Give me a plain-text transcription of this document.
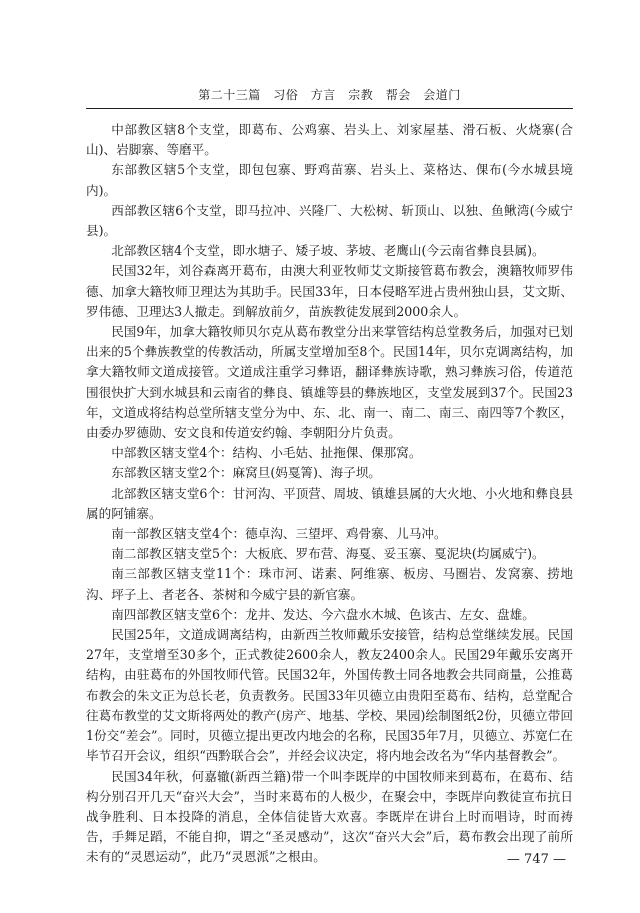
第二十三篇　习俗　方言　宗教　帮会　会道门

中部教区辖8个支堂，即葛布、公鸡寨、岩头上、刘家屋基、滑石板、火烧寨(合山)、岩脚寨、等磨平。

东部教区辖5个支堂，即包包寨、野鸡苗寨、岩头上、菜格达、倮布(今水城县境内)。

西部教区辖6个支堂，即马拉冲、兴隆厂、大松树、斩顶山、以独、鱼鳅湾(今威宁县)。

北部教区辖4个支堂，即水塘子、矮子坡、茅坡、老鹰山(今云南省彝良县属)。

民国32年，刘谷森离开葛布，由澳大利亚牧师艾文斯接管葛布教会，澳籍牧师罗伟德、加拿大籍牧师卫理达为其助手。民国33年，日本侵略军进占贵州独山县，艾文斯、罗伟德、卫理达3人撤走。到解放前夕，苗族教徒发展到2000余人。

民国9年，加拿大籍牧师贝尔克从葛布教堂分出来掌管结构总堂教务后，加强对已划出来的5个彝族教堂的传教活动，所属支堂增加至8个。民国14年，贝尔克调离结构，加拿大籍牧师文道成接管。文道成注重学习彝语，翻译彝族诗歌，熟习彝族习俗，传道范围很快扩大到水城县和云南省的彝良、镇雄等县的彝族地区，支堂发展到37个。民国23年，文道成将结构总堂所辖支堂分为中、东、北、南一、南二、南三、南四等7个教区，由委办罗德勋、安文良和传道安约翰、李朝阳分片负责。

中部教区辖支堂4个：结构、小毛姑、扯拖倮、倮那窝。

东部教区辖支堂2个：麻窝旦(妈戛箐)、海子坝。

北部教区辖支堂6个：甘河沟、平顶营、周坡、镇雄县属的大火地、小火地和彝良县属的阿铺寨。

南一部教区辖支堂4个：德卓沟、三望坪、鸡骨寨、儿马冲。

南二部教区辖支堂5个：大板底、罗布营、海戛、妥玉寨、戛泥块(均属威宁)。

南三部教区辖支堂11个：珠市河、诺素、阿维寨、板房、马圈岩、发窝寨、捞地沟、坪子上、者老各、茶树和今威宁县的新官寨。

南四部教区辖支堂6个：龙井、发达、今六盘水木城、色该古、左女、盘雄。

民国25年，文道成调离结构，由新西兰牧师戴乐安接管，结构总堂继续发展。民国27年，支堂增至30多个，正式教徒2600余人，教友2400余人。民国29年戴乐安离开结构，由驻葛布的外国牧师代管。民国32年，外国传教士同各地教会共同商量，公推葛布教会的朱文正为总长老，负责教务。民国33年贝德立由贵阳至葛布、结构，总堂配合往葛布教堂的艾文斯将两处的教产(房产、地基、学校、果园)绘制图纸2份，贝德立带回1份交“差会”。同时，贝德立提出更改内地会的名称，民国35年7月，贝德立、苏宽仁在毕节召开会议，组织“西黔联合会”，并经会议决定，将内地会改名为“华内基督教会”。

民国34年秋，何嘉辙(新西兰籍)带一个叫李既岸的中国牧师来到葛布，在葛布、结构分别召开几天“奋兴大会”，当时来葛布的人极少，在聚会中，李既岸向教徒宣布抗日战争胜利、日本投降的消息，全体信徒皆大欢喜。李既岸在讲台上时而唱诗，时而祷告，手舞足蹈，不能自抑，谓之“圣灵感动”，这次“奋兴大会”后，葛布教会出现了前所未有的“灵恩运动”，此乃“灵恩派”之根由。	— 747 —
